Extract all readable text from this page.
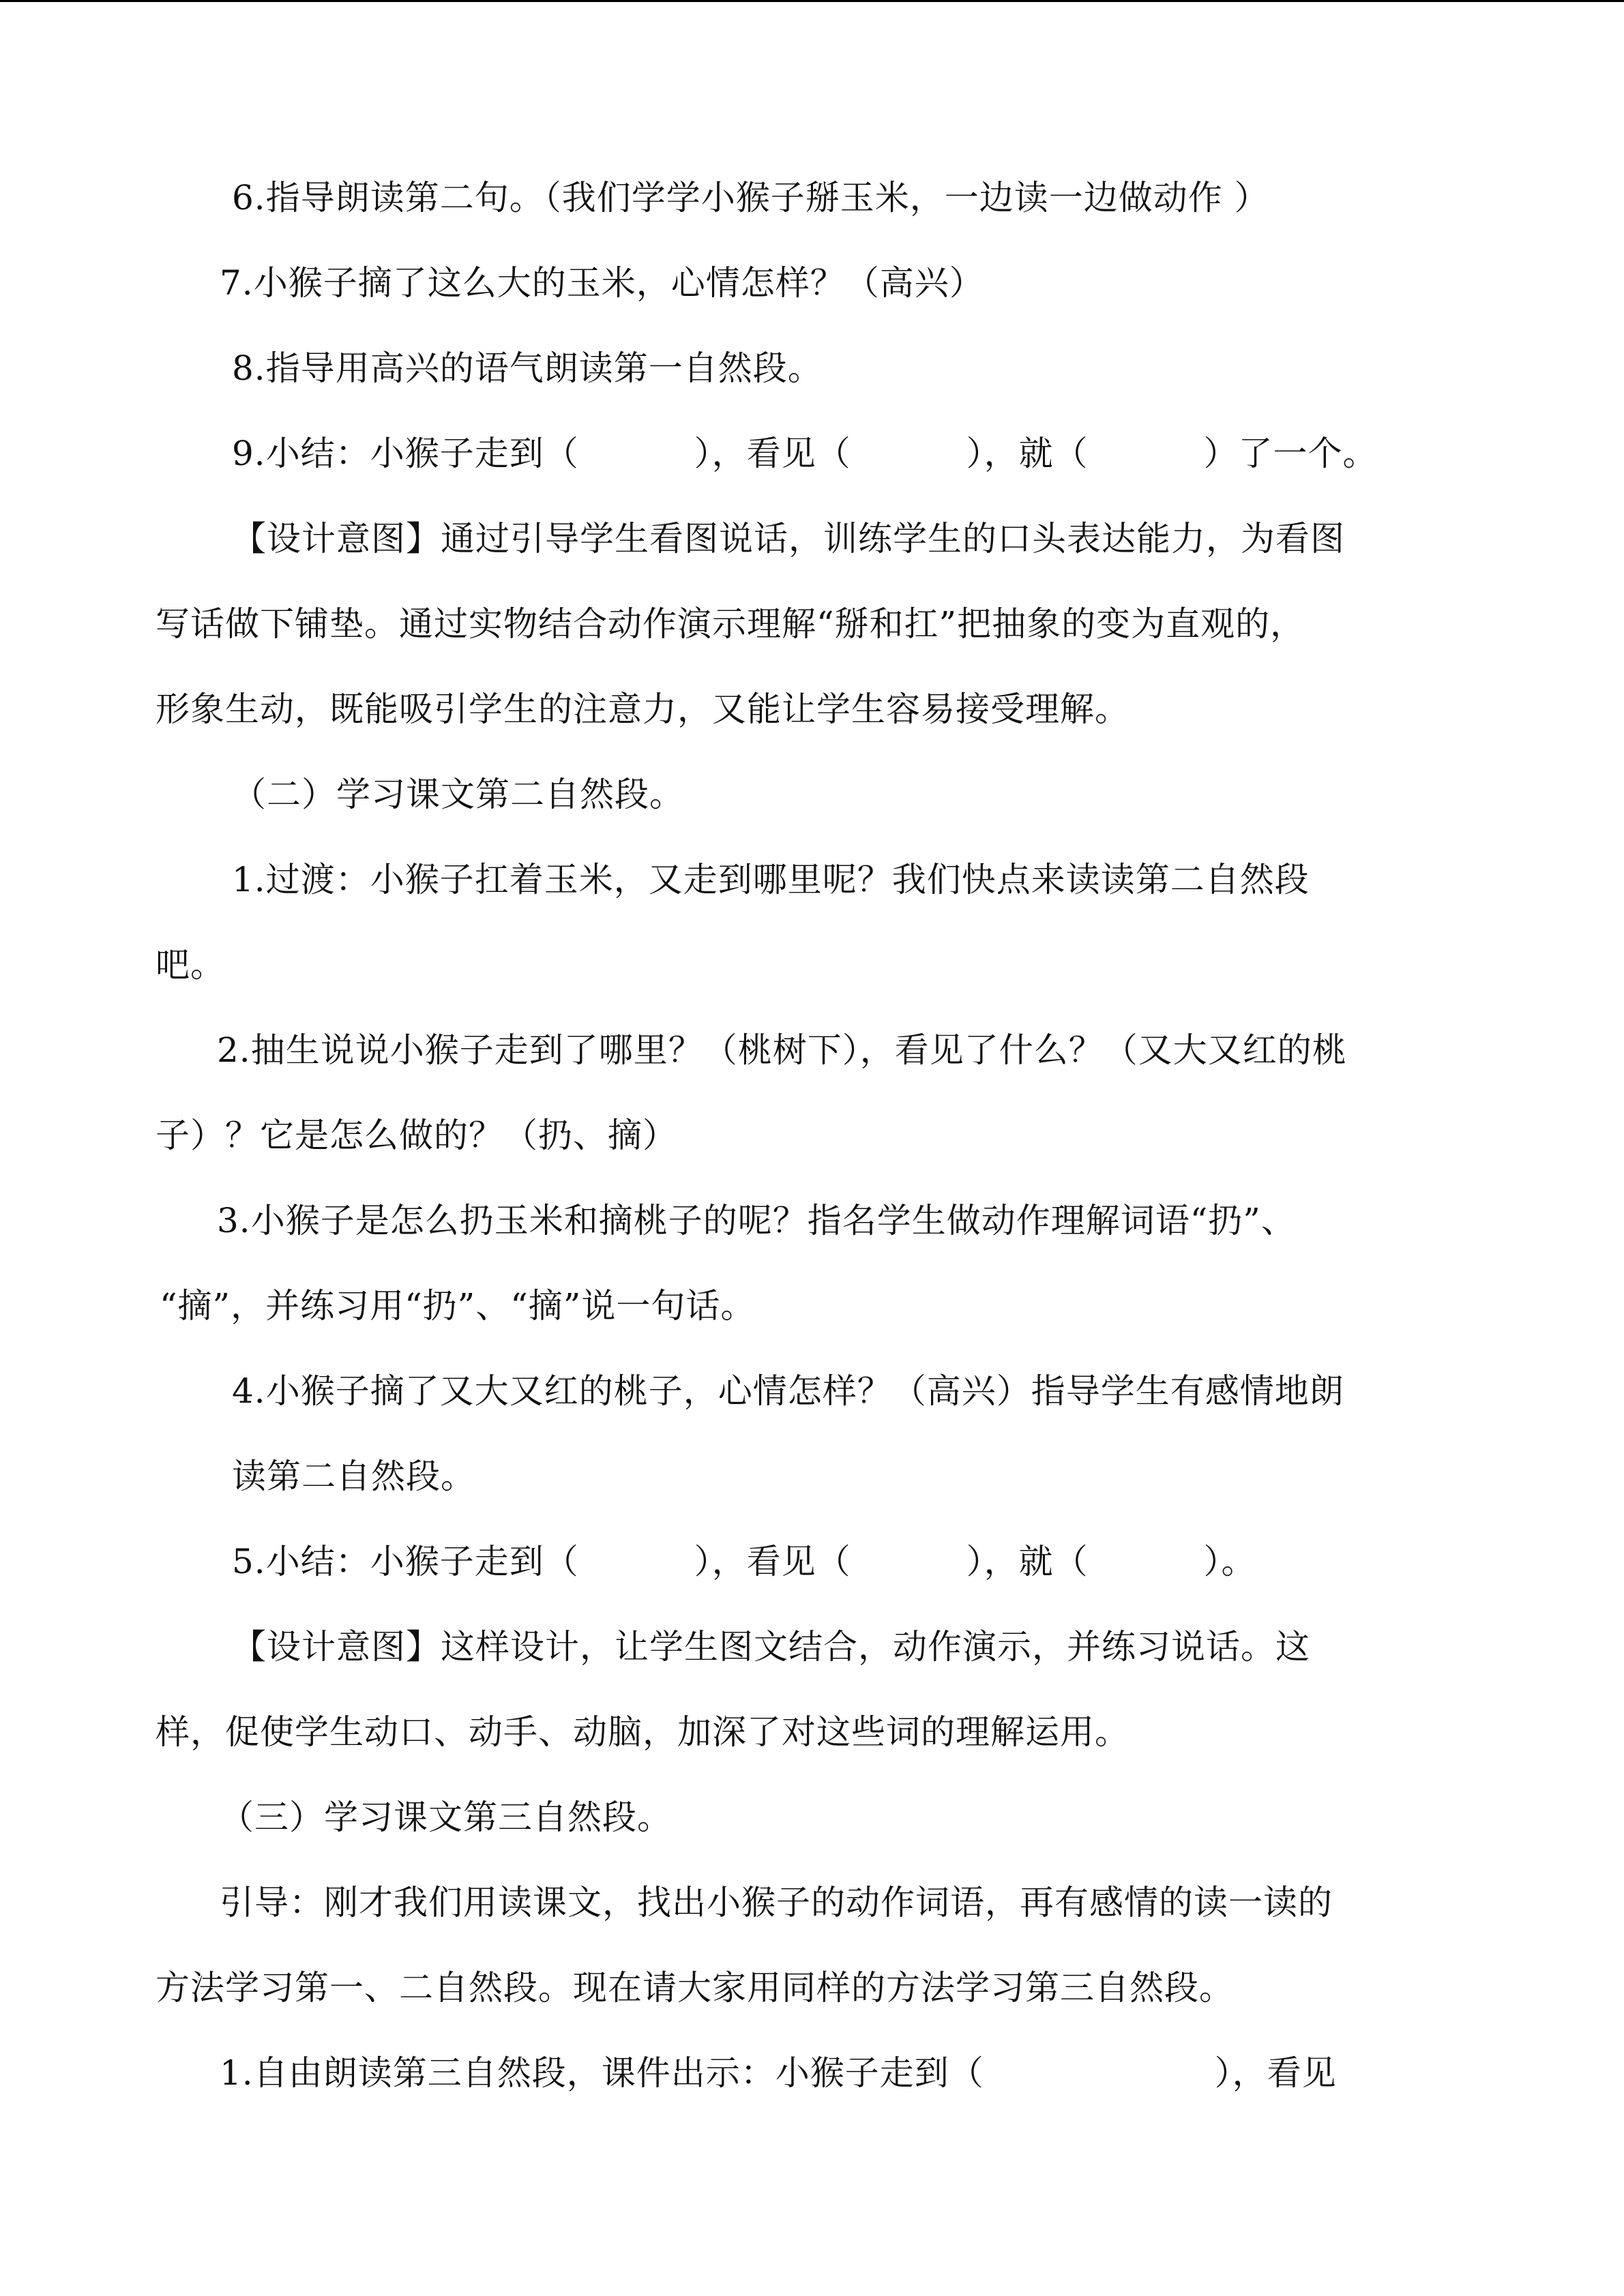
6.指导朗读第二句。（我们学学小猴子掰玉米，一边读一边做动作 ）
7.小猴子摘了这么大的玉米，心情怎样？（高兴）
8.指导用高兴的语气朗读第一自然段。
9.小结：小猴子走到（          ），看见（          ），就（          ）了一个。
【设计意图】通过引导学生看图说话，训练学生的口头表达能力，为看图
写话做下铺垫。通过实物结合动作演示理解“掰和扛”把抽象的变为直观的，
形象生动，既能吸引学生的注意力，又能让学生容易接受理解。
（二）学习课文第二自然段。
1.过渡：小猴子扛着玉米，又走到哪里呢？我们快点来读读第二自然段
吧。
2.抽生说说小猴子走到了哪里？（桃树下），看见了什么？（又大又红的桃
子）？它是怎么做的？（扔、摘）
3.小猴子是怎么扔玉米和摘桃子的呢？指名学生做动作理解词语“扔”、
“摘”，并练习用“扔”、“摘”说一句话。
4.小猴子摘了又大又红的桃子，心情怎样？（高兴）指导学生有感情地朗
读第二自然段。
5.小结：小猴子走到（          ），看见（          ），就（          ）。
【设计意图】这样设计，让学生图文结合，动作演示，并练习说话。这
样，促使学生动口、动手、动脑，加深了对这些词的理解运用。
（三）学习课文第三自然段。
引导：刚才我们用读课文，找出小猴子的动作词语，再有感情的读一读的
方法学习第一、二自然段。现在请大家用同样的方法学习第三自然段。
1.自由朗读第三自然段，课件出示：小猴子走到（                    ），看见
